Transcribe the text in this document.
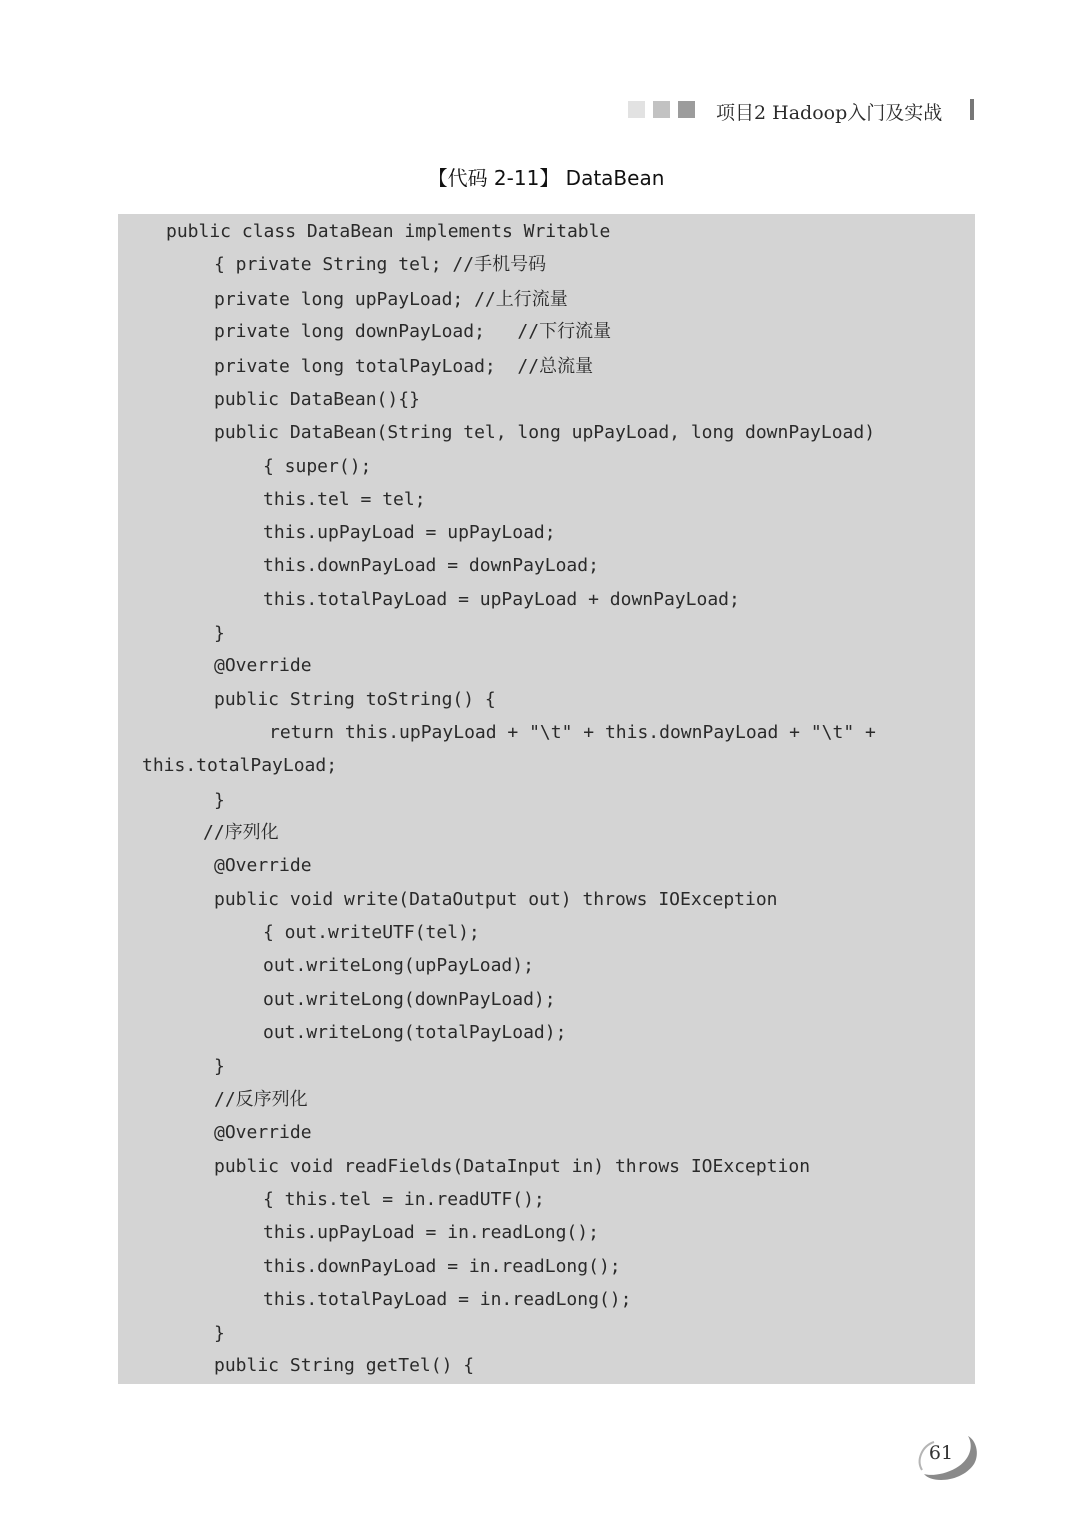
项目2 Hadoop入门及实战
【代码 2-11】 DataBean
public class DataBean implements Writable
{ private String tel; //手机号码
private long upPayLoad; //上行流量
private long downPayLoad;   //下行流量
private long totalPayLoad;  //总流量
public DataBean(){}
public DataBean(String tel, long upPayLoad, long downPayLoad)
{ super();
this.tel = tel;
this.upPayLoad = upPayLoad;
this.downPayLoad = downPayLoad;
this.totalPayLoad = upPayLoad + downPayLoad;
}
@Override
public String toString() {
return this.upPayLoad + "\t" + this.downPayLoad + "\t" +
this.totalPayLoad;
}
//序列化
@Override
public void write(DataOutput out) throws IOException
{ out.writeUTF(tel);
out.writeLong(upPayLoad);
out.writeLong(downPayLoad);
out.writeLong(totalPayLoad);
}
//反序列化
@Override
public void readFields(DataInput in) throws IOException
{ this.tel = in.readUTF();
this.upPayLoad = in.readLong();
this.downPayLoad = in.readLong();
this.totalPayLoad = in.readLong();
}
public String getTel() {
61
